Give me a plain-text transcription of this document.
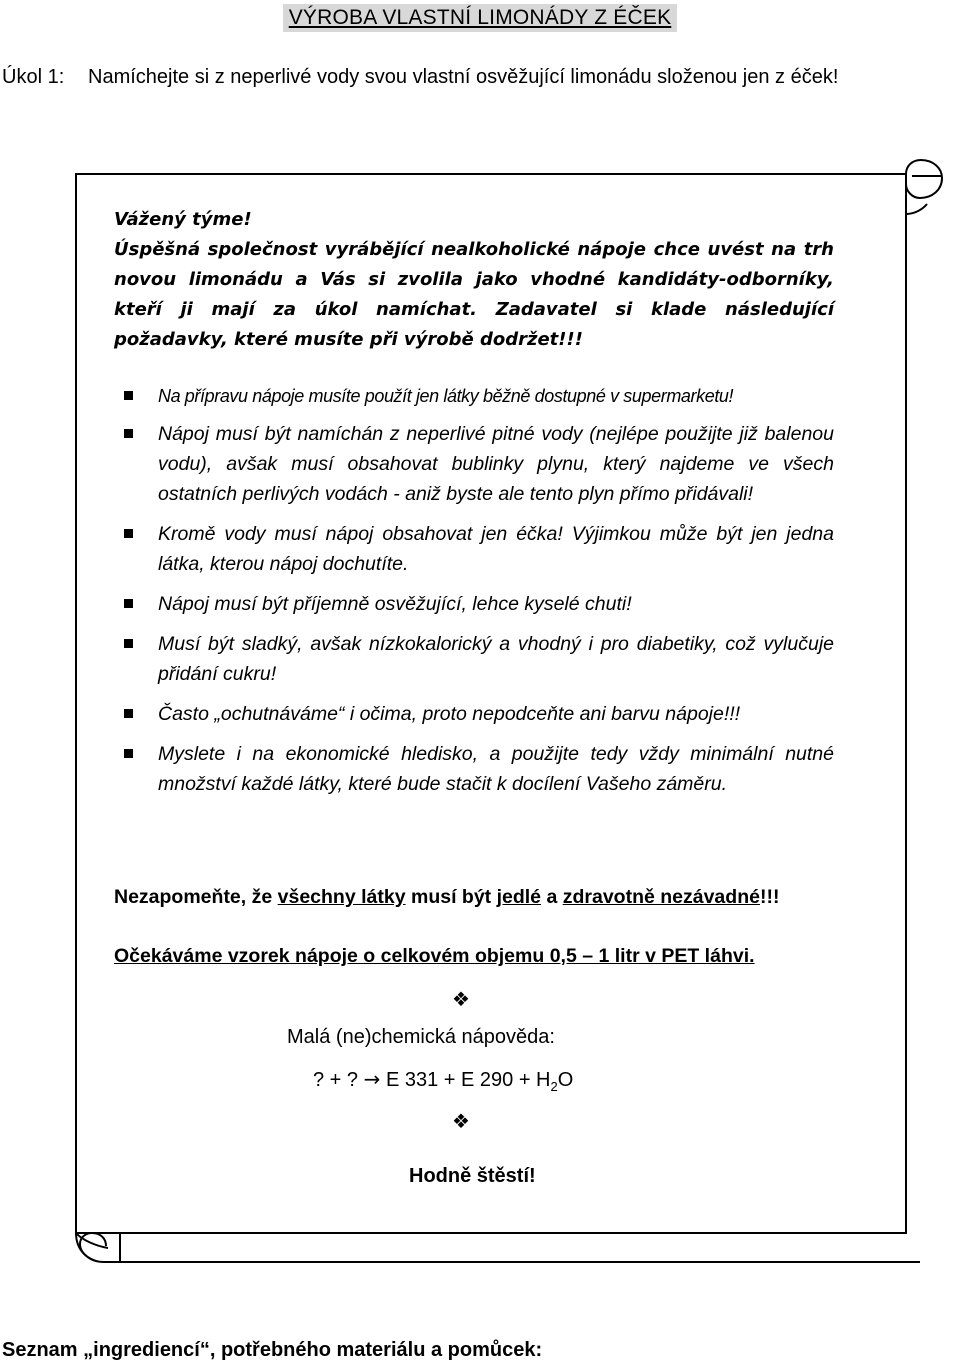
VÝROBA VLASTNÍ LIMONÁDY Z ÉČEK
Úkol 1: Namíchejte si z neperlivé vody svou vlastní osvěžující limonádu složenou jen z éček!

Vážený týme!

Úspěšná společnost vyrábějící nealkoholické nápoje chce uvést na trh novou limonádu a Vás si zvolila jako vhodné kandidáty-odborníky, kteří ji mají za úkol namíchat. Zadavatel si klade následující požadavky, které musíte při výrobě dodržet!!!

Na přípravu nápoje musíte použít jen látky běžně dostupné v supermarketu!
Nápoj musí být namíchán z neperlivé pitné vody (nejlépe použijte již balenou vodu), avšak musí obsahovat bublinky plynu, který najdeme ve všech ostatních perlivých vodách - aniž byste ale tento plyn přímo přidávali!
Kromě vody musí nápoj obsahovat jen éčka! Výjimkou může být jen jedna látka, kterou nápoj dochutíte.
Nápoj musí být příjemně osvěžující, lehce kyselé chuti!
Musí být sladký, avšak nízkokalorický a vhodný i pro diabetiky, což vylučuje přidání cukru!
Často „ochutnáváme“ i očima, proto nepodceňte ani barvu nápoje!!!
Myslete i na ekonomické hledisko, a použijte tedy vždy minimální nutné množství každé látky, které bude stačit k docílení Vašeho záměru.
Nezapomeňte, že všechny látky musí být jedlé a zdravotně nezávadné!!!
Očekáváme vzorek nápoje o celkovém objemu 0,5 – 1 litr v PET láhvi.
❖
Malá (ne)chemická nápověda:
? + ? → E 331 + E $290 + H_2O$
❖
Hodně štěstí!
Seznam „ingrediencí“, potřebného materiálu a pomůcek:
